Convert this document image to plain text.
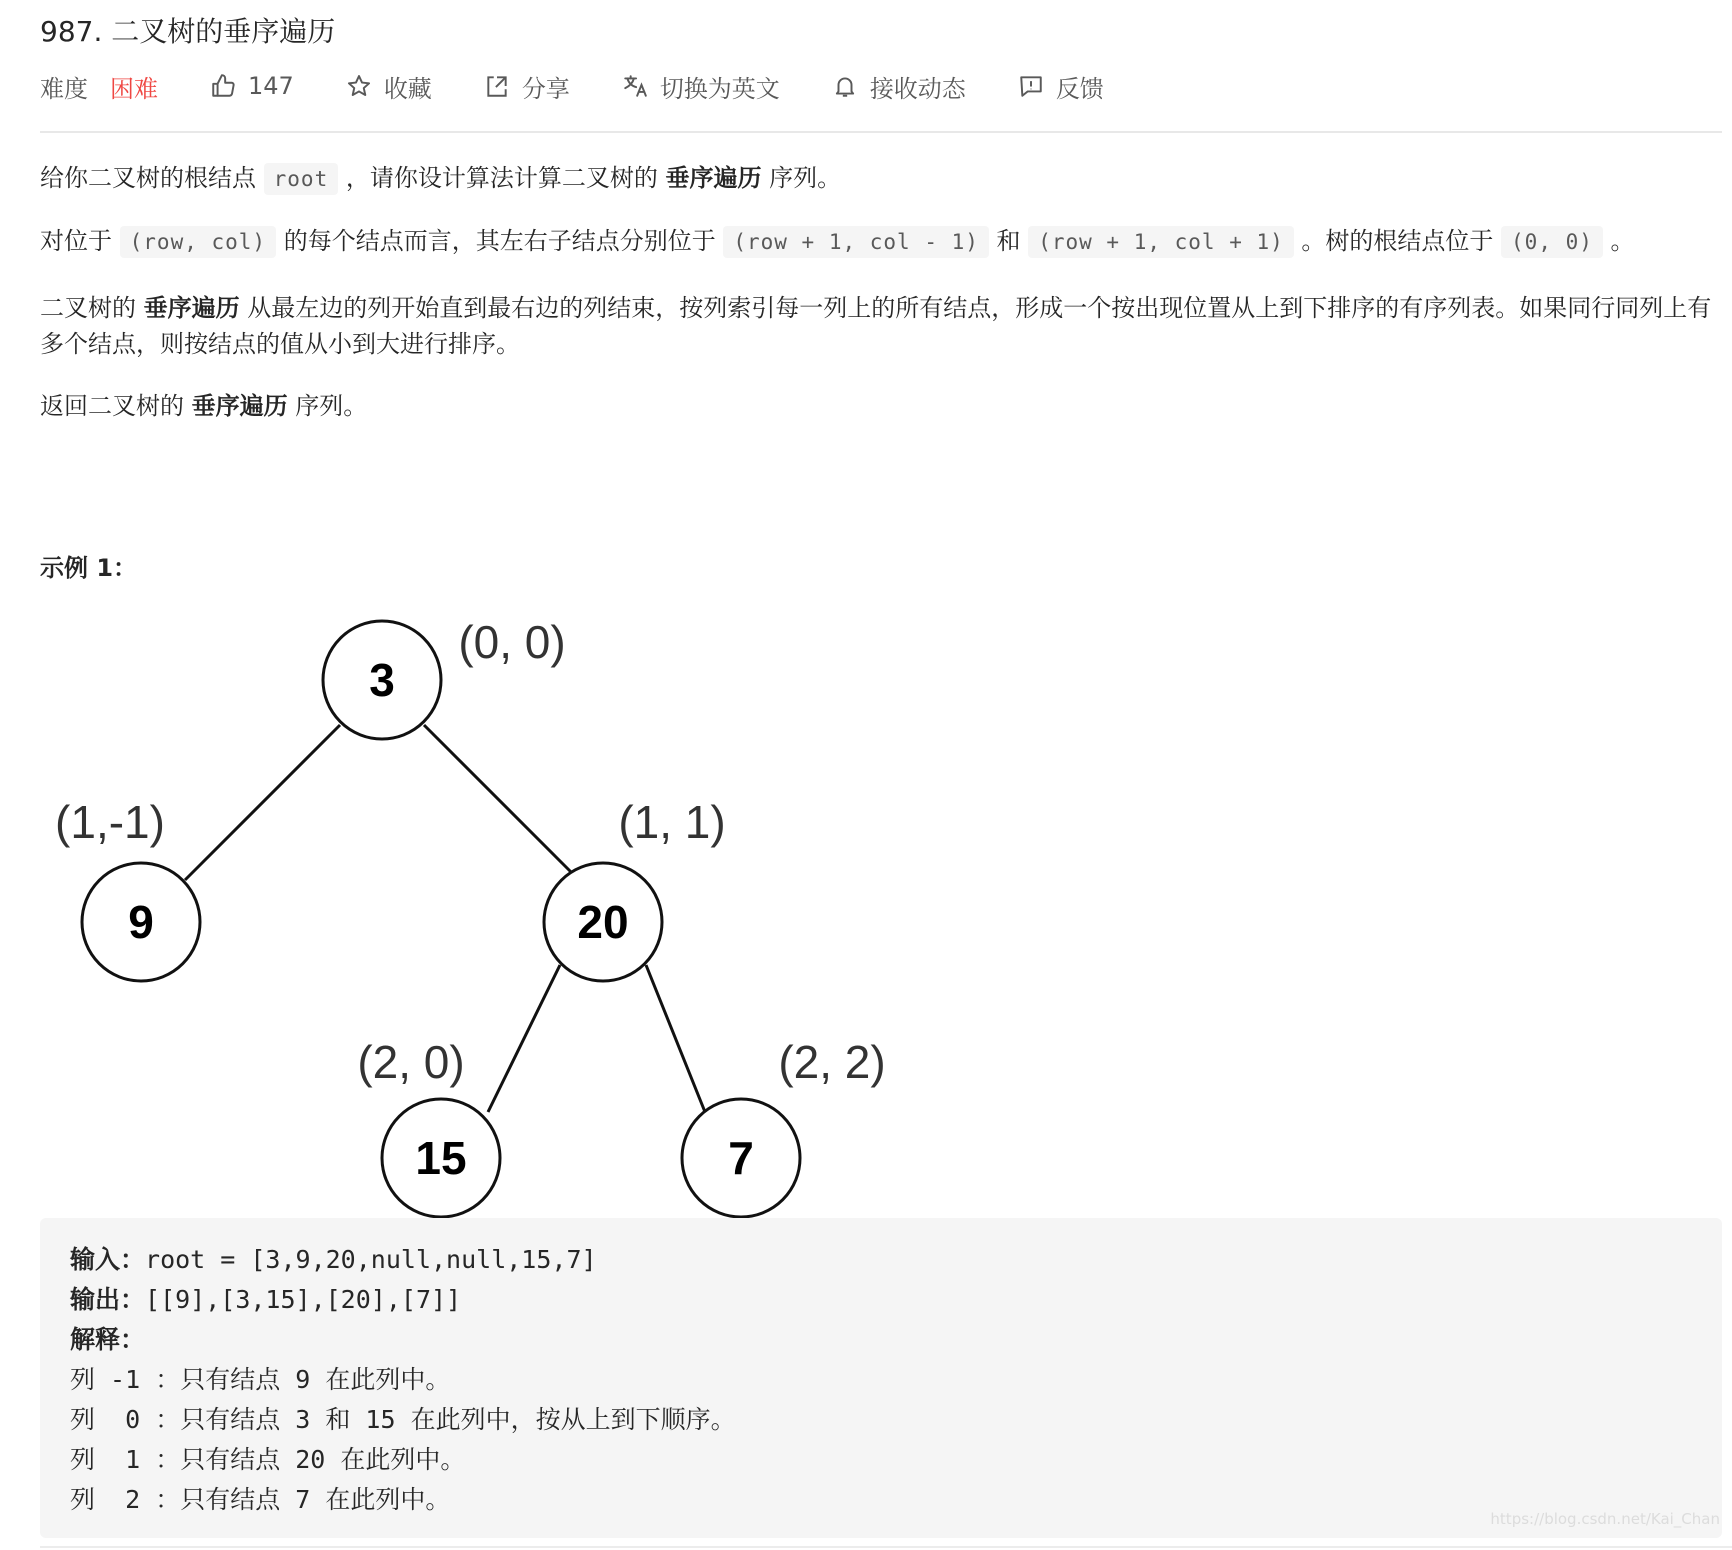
987. 二叉树的垂序遍历
难度 困难	147	收藏	分享	切换为英文	接收动态	反馈

给你二叉树的根结点 root ，请你设计算法计算二叉树的 垂序遍历 序列。

对位于 (row, col) 的每个结点而言，其左右子结点分别位于 (row + 1, col - 1) 和 (row + 1, col + 1) 。树的根结点位于 (0, 0) 。

二叉树的 垂序遍历 从最左边的列开始直到最右边的列结束，按列索引每一列上的所有结点，形成一个按出现位置从上到下排序的有序列表。如果同行同列上有多个结点，则按结点的值从小到大进行排序。

返回二叉树的 垂序遍历 序列。

示例 1：
3
(0, 0)
9
(1,-1)
20
(1, 1)
15
(2, 0)
7
(2, 2)
输入：root = [3,9,20,null,null,15,7]
输出：[[9],[3,15],[20],[7]]
解释：
列 -1 ：只有结点 9 在此列中。
列  0 ：只有结点 3 和 15 在此列中，按从上到下顺序。
列  1 ：只有结点 20 在此列中。
列  2 ：只有结点 7 在此列中。
https://blog.csdn.net/Kai_Chan
